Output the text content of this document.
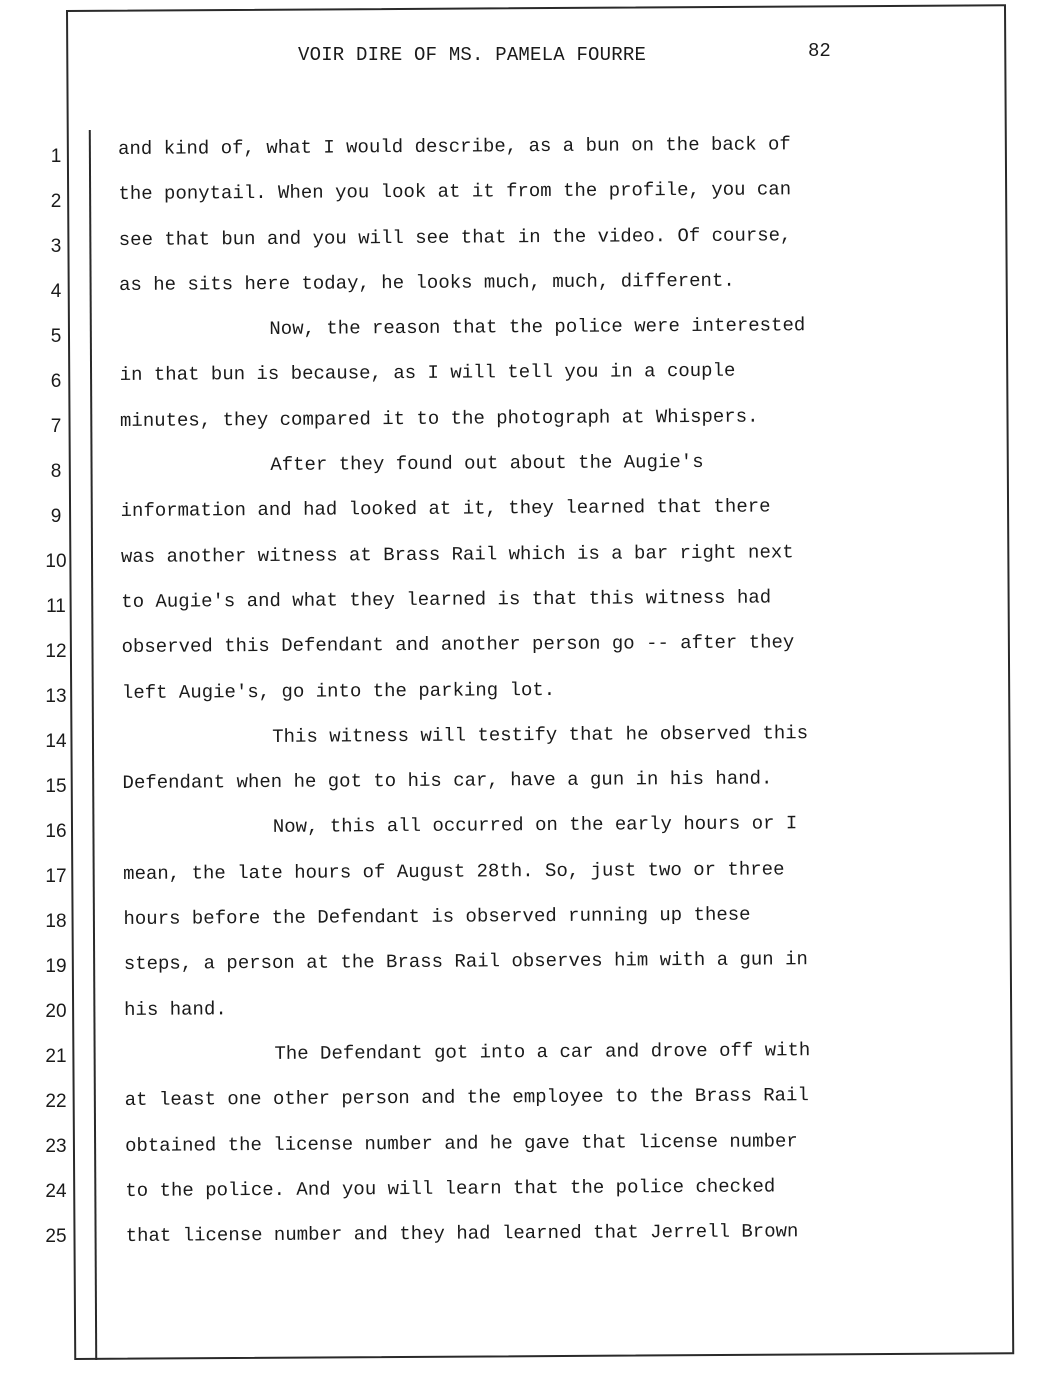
VOIR DIRE OF MS. PAMELA FOURRE	82
1
2
3
4
5
6
7
8
9
10
11
12
13
14
15
16
17
18
19
20
21
22
23
24
25
and kind of, what I would describe, as a bun on the back of
the ponytail. When you look at it from the profile, you can
see that bun and you will see that in the video. Of course,
as he sits here today, he looks much, much, different.
Now, the reason that the police were interested
in that bun is because, as I will tell you in a couple
minutes, they compared it to the photograph at Whispers.
After they found out about the Augie's
information and had looked at it, they learned that there
was another witness at Brass Rail which is a bar right next
to Augie's and what they learned is that this witness had
observed this Defendant and another person go -- after they
left Augie's, go into the parking lot.
This witness will testify that he observed this
Defendant when he got to his car, have a gun in his hand.
Now, this all occurred on the early hours or I
mean, the late hours of August 28th. So, just two or three
hours before the Defendant is observed running up these
steps, a person at the Brass Rail observes him with a gun in
his hand.
The Defendant got into a car and drove off with
at least one other person and the employee to the Brass Rail
obtained the license number and he gave that license number
to the police. And you will learn that the police checked
that license number and they had learned that Jerrell Brown
